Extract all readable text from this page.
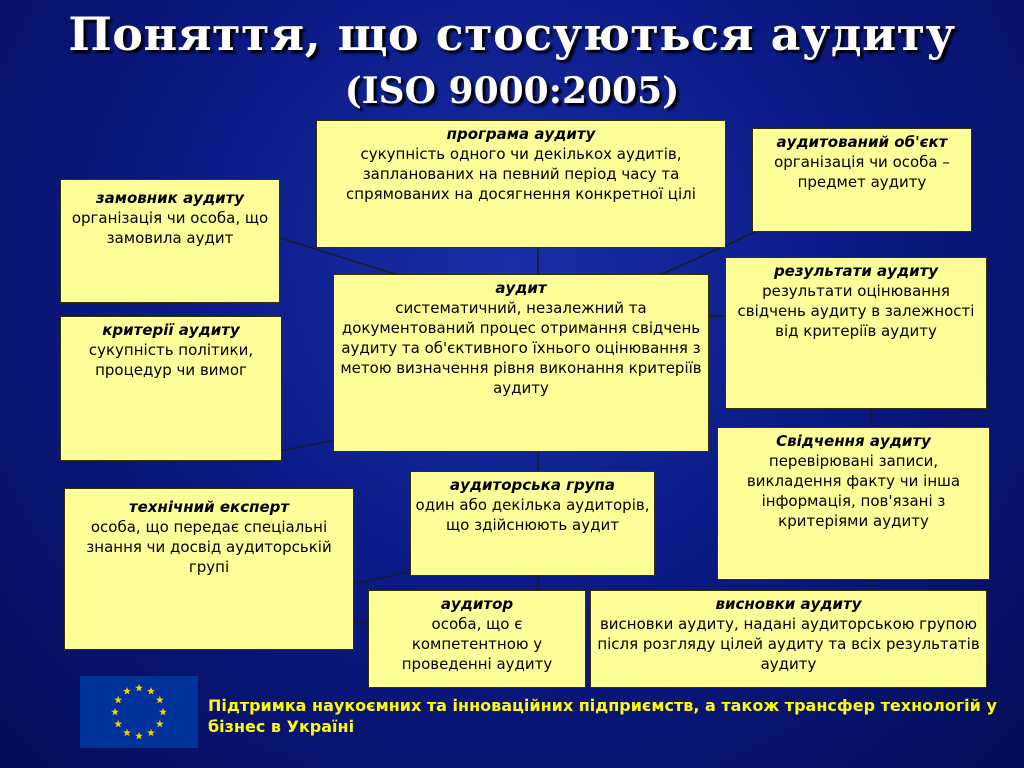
Поняття, що стосуються аудиту
(ISO 9000:2005)
програма аудиту
сукупність одного чи декількох аудитів, запланованих на певний період часу та спрямованих на досягнення конкретної цілі
аудитований об'єкт
організація чи особа – предмет аудиту
замовник аудиту
організація чи особа, що замовила аудит
аудит
систематичний, незалежний та документований процес отримання свідчень аудиту та об'єктивного їхнього оцінювання з метою визначення рівня виконання критеріїв аудиту
результати аудиту
результати оцінювання свідчень аудиту в залежності від критеріїв аудиту
критерії аудиту
сукупність політики, процедур чи вимог
Свідчення аудиту
перевірювані записи, викладення факту чи інша інформація, пов'язані з критеріями аудиту
технічний експерт
особа, що передає спеціальні знання чи досвід аудиторській групі
аудиторська група
один або декілька аудиторів, що здійснюють аудит
аудитор
особа, що є компетентною у проведенні аудиту
висновки аудиту
висновки аудиту, надані аудиторською групою після розгляду цілей аудиту та всіх результатів аудиту
Підтримка наукоємних та інноваційних підприємств, а також трансфер технологій у бізнес в Україні
